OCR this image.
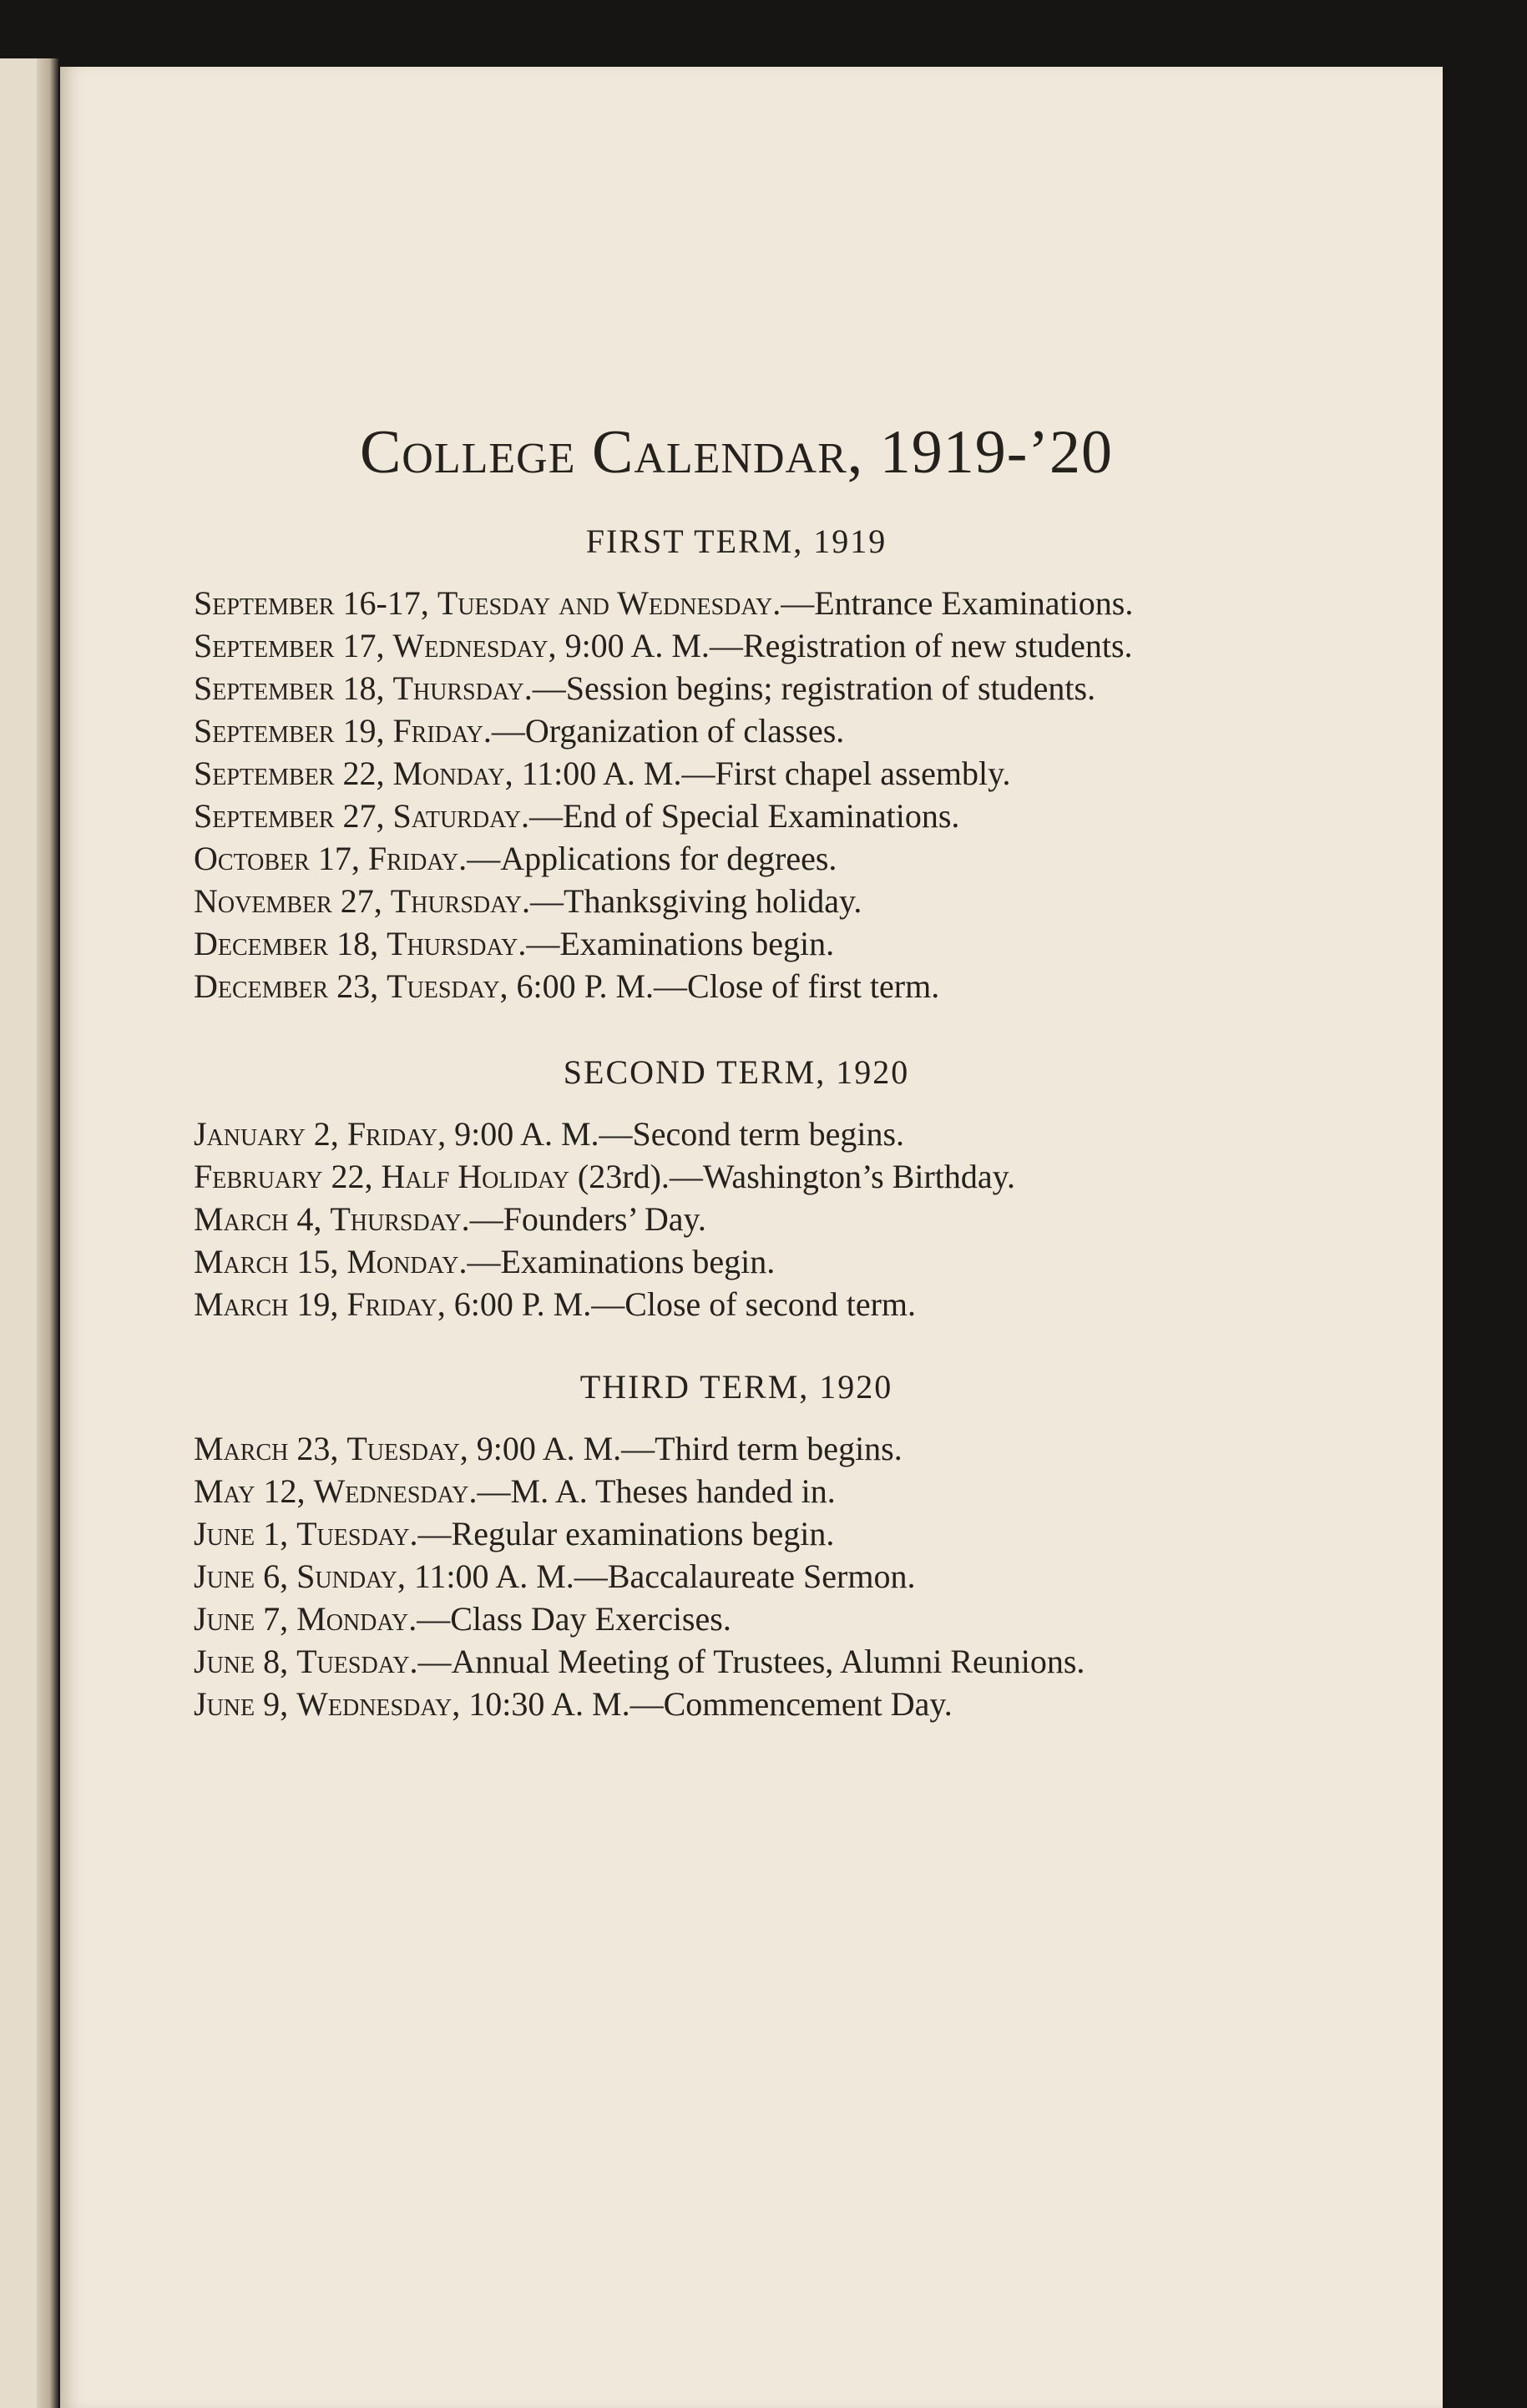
College Calendar, 1919-’20
FIRST TERM, 1919
September 16-17, Tuesday and Wednesday.—Entrance Examinations.
September 17, Wednesday, 9:00 A. M.—Registration of new students.
September 18, Thursday.—Session begins; registration of students.
September 19, Friday.—Organization of classes.
September 22, Monday, 11:00 A. M.—First chapel assembly.
September 27, Saturday.—End of Special Examinations.
October 17, Friday.—Applications for degrees.
November 27, Thursday.—Thanksgiving holiday.
December 18, Thursday.—Examinations begin.
December 23, Tuesday, 6:00 P. M.—Close of first term.
SECOND TERM, 1920
January 2, Friday, 9:00 A. M.—Second term begins.
February 22, Half Holiday (23rd).—Washington’s Birthday.
March 4, Thursday.—Founders’ Day.
March 15, Monday.—Examinations begin.
March 19, Friday, 6:00 P. M.—Close of second term.
THIRD TERM, 1920
March 23, Tuesday, 9:00 A. M.—Third term begins.
May 12, Wednesday.—M. A. Theses handed in.
June 1, Tuesday.—Regular examinations begin.
June 6, Sunday, 11:00 A. M.—Baccalaureate Sermon.
June 7, Monday.—Class Day Exercises.
June 8, Tuesday.—Annual Meeting of Trustees, Alumni Reunions.
June 9, Wednesday, 10:30 A. M.—Commencement Day.
